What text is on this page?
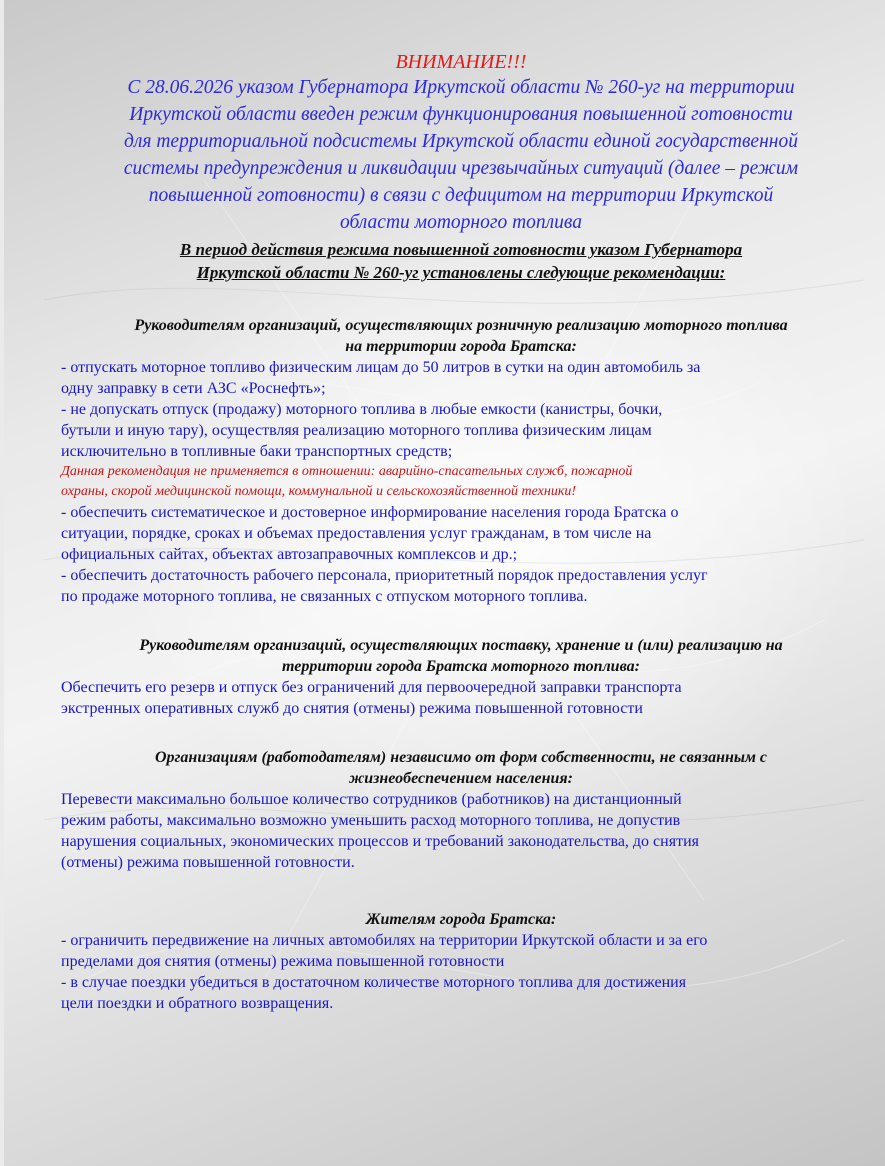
ВНИМАНИЕ!!!

С 28.06.2026 указом Губернатора Иркутской области № 260-уг на территории

Иркутской области введен режим функционирования повышенной готовности

для территориальной подсистемы Иркутской области единой государственной

системы предупреждения и ликвидации чрезвычайных ситуаций (далее – режим

повышенной готовности) в связи с дефицитом на территории Иркутской

области моторного топлива

В период действия режима повышенной готовности указом Губернатора

Иркутской области № 260-уг установлены следующие рекомендации:

Руководителям организаций, осуществляющих розничную реализацию моторного топлива

на территории города Братска:

- отпускать моторное топливо физическим лицам до 50 литров в сутки на один автомобиль за

одну заправку в сети АЗС «Роснефть»;

- не допускать отпуск (продажу) моторного топлива в любые емкости (канистры, бочки,

бутыли и иную тару), осуществляя реализацию моторного топлива физическим лицам

исключительно в топливные баки транспортных средств;

Данная рекомендация не применяется в отношении: аварийно-спасательных служб, пожарной

охраны, скорой медицинской помощи, коммунальной и сельскохозяйственной техники!

- обеспечить систематическое и достоверное информирование населения города Братска о

ситуации, порядке, сроках и объемах предоставления услуг гражданам, в том числе на

официальных сайтах, объектах автозаправочных комплексов и др.;

- обеспечить достаточность рабочего персонала, приоритетный порядок предоставления услуг

по продаже моторного топлива, не связанных с отпуском моторного топлива.

Руководителям организаций, осуществляющих поставку, хранение и (или) реализацию на

территории города Братска моторного топлива:

Обеспечить его резерв и отпуск без ограничений для первоочередной заправки транспорта

экстренных оперативных служб до снятия (отмены) режима повышенной готовности

Организациям (работодателям) независимо от форм собственности, не связанным с

жизнеобеспечением населения:

Перевести максимально большое количество сотрудников (работников) на дистанционный

режим работы, максимально возможно уменьшить расход моторного топлива, не допустив

нарушения социальных, экономических процессов и требований законодательства, до снятия

(отмены) режима повышенной готовности.

Жителям города Братска:

- ограничить передвижение на личных автомобилях на территории Иркутской области и за его

пределами доя снятия (отмены) режима повышенной готовности

- в случае поездки убедиться в достаточном количестве моторного топлива для достижения

цели поездки и обратного возвращения.
